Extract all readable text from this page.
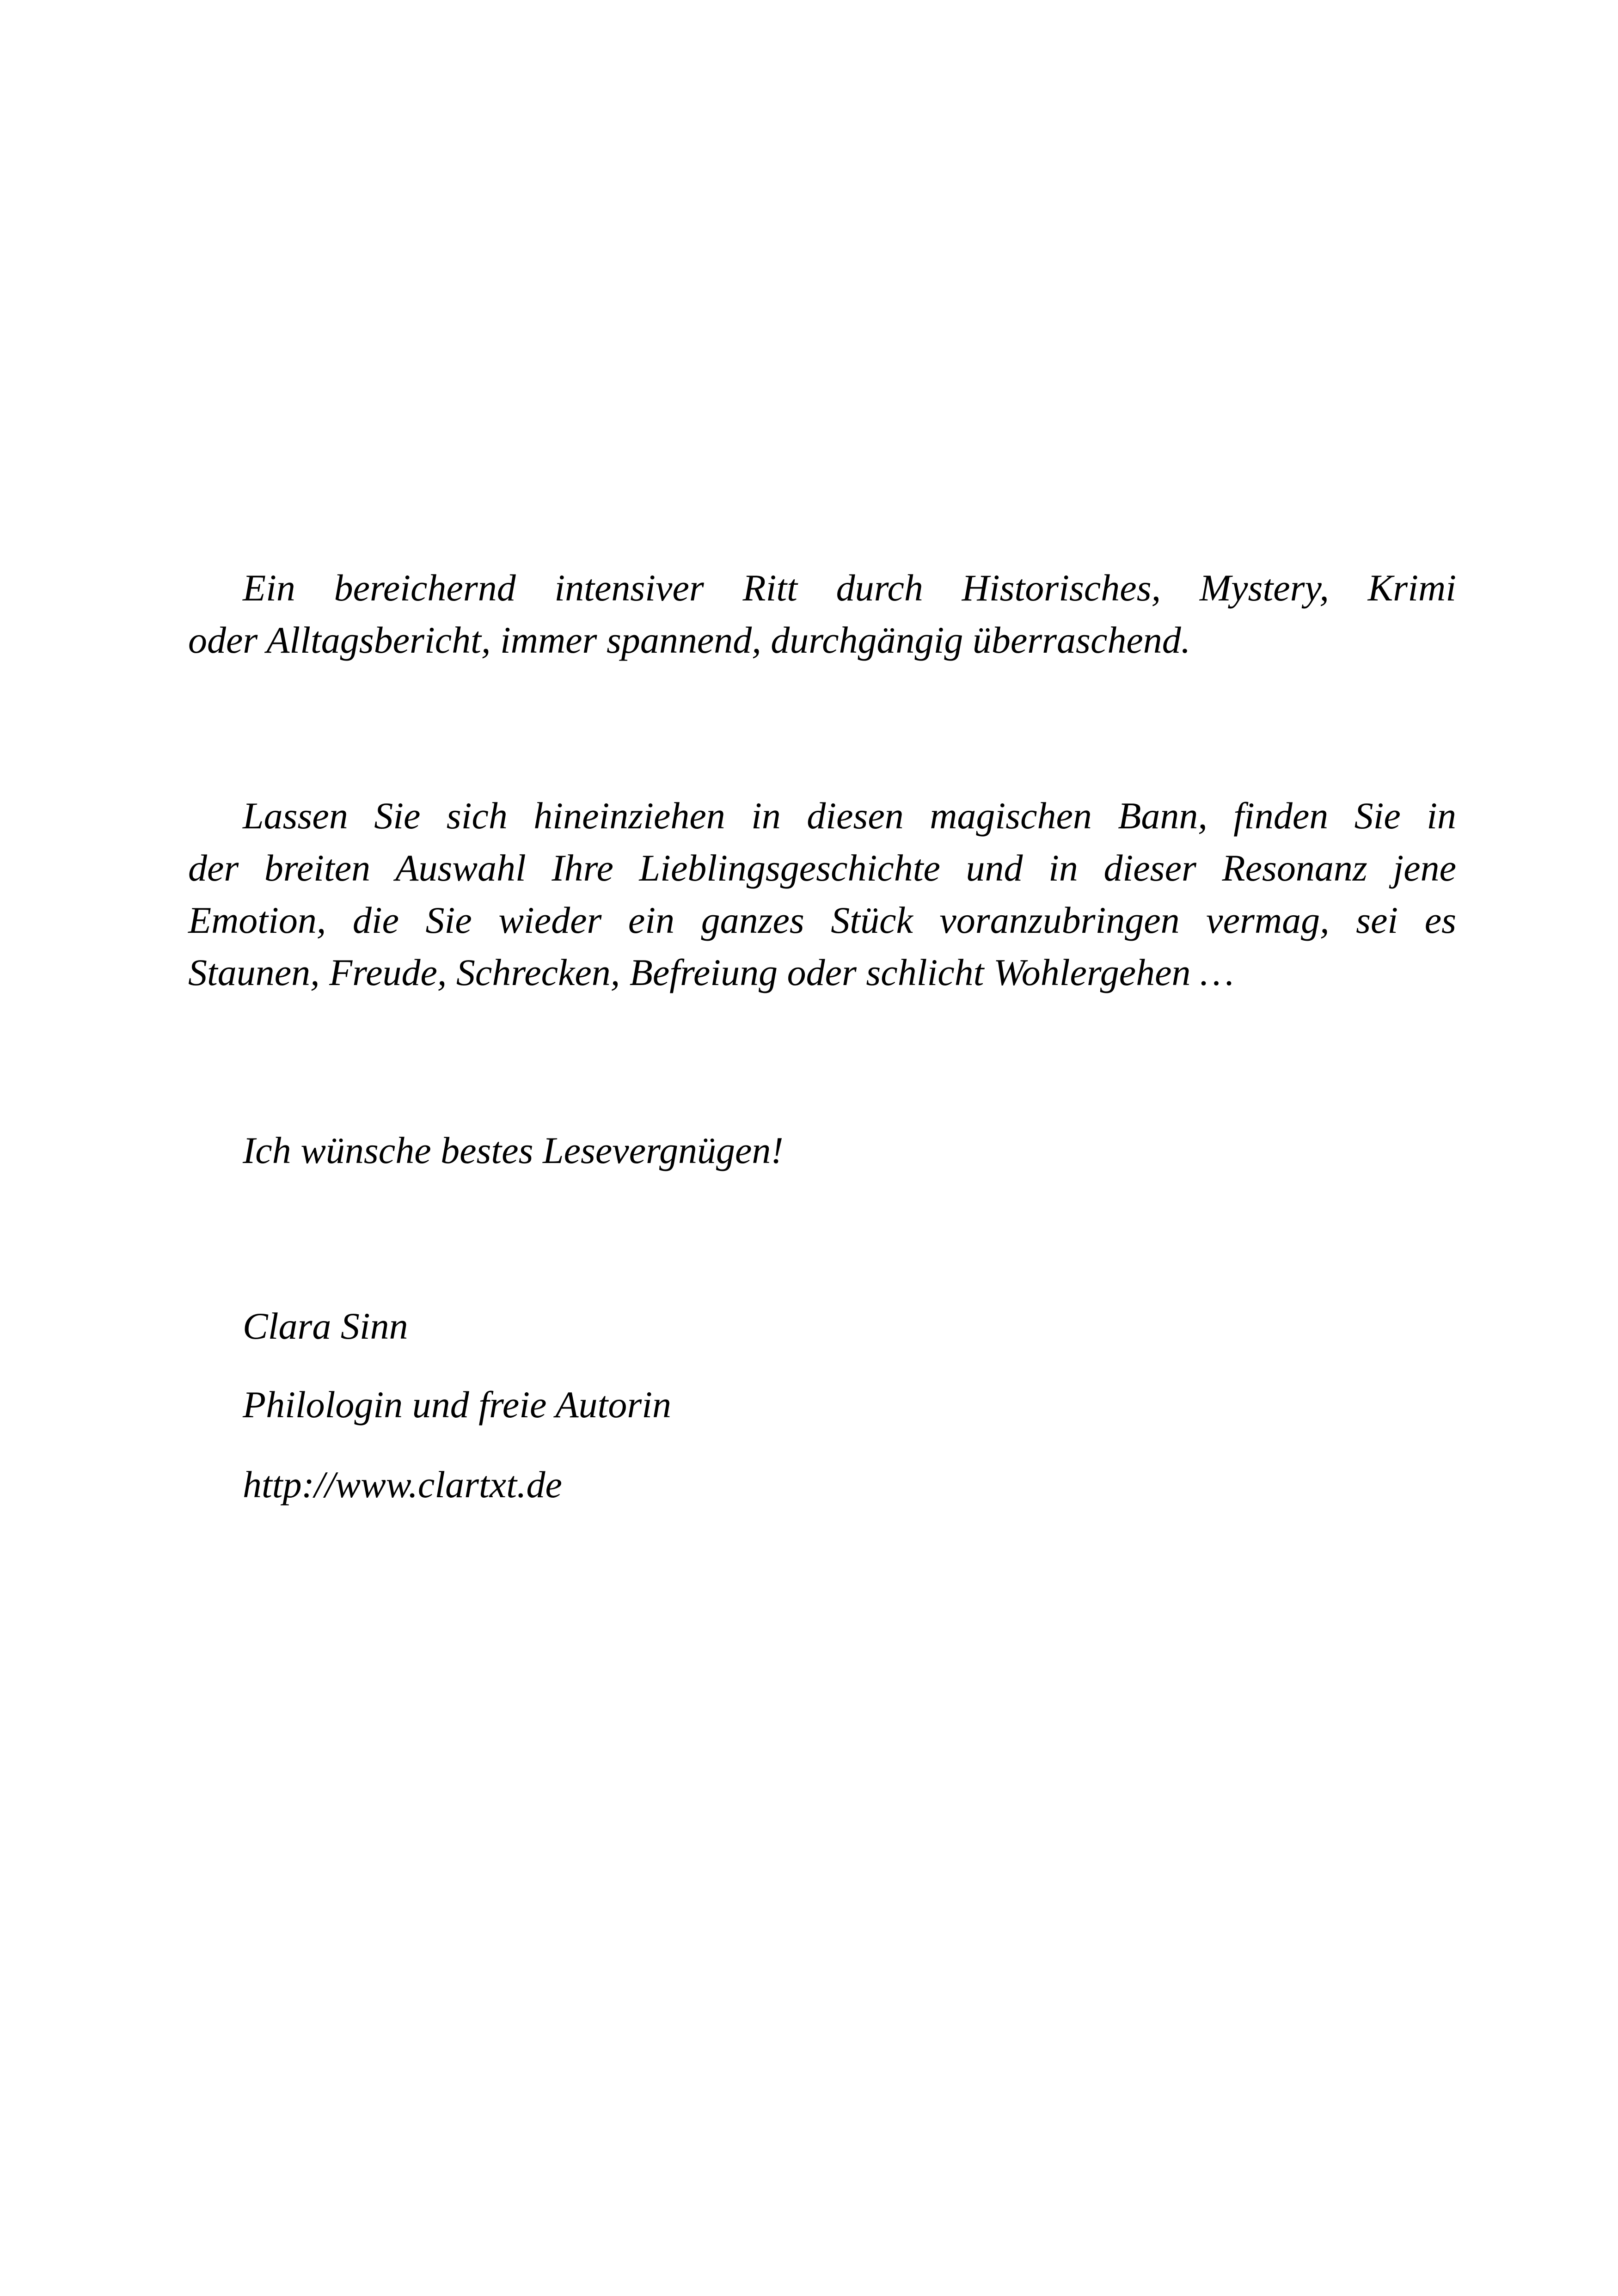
Ein bereichernd intensiver Ritt durch Historisches, Mystery, Krimi
oder Alltagsbericht, immer spannend, durchgängig überraschend.
Lassen Sie sich hineinziehen in diesen magischen Bann, finden Sie in
der breiten Auswahl Ihre Lieblingsgeschichte und in dieser Resonanz jene
Emotion, die Sie wieder ein ganzes Stück voranzubringen vermag, sei es
Staunen, Freude, Schrecken, Befreiung oder schlicht Wohlergehen …
Ich wünsche bestes Lesevergnügen!
Clara Sinn
Philologin und freie Autorin
http://www.clartxt.de
